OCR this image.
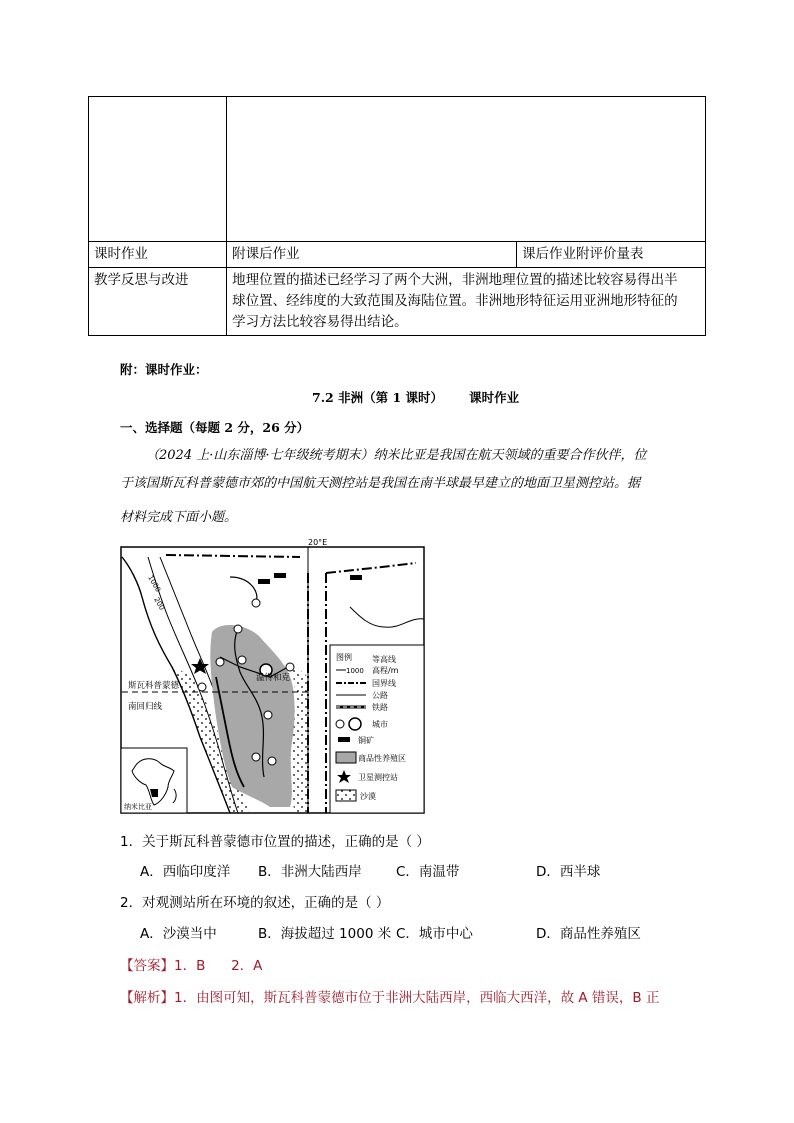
课时作业	附课后作业	课后作业附评价量表
教学反思与改进	地理位置的描述已经学习了两个大洲，非洲地理位置的描述比较容易得出半
球位置、经纬度的大致范围及海陆位置。非洲地形特征运用亚洲地形特征的
学习方法比较容易得出结论。	
附：课时作业：
7.2 非洲（第 1 课时）      课时作业
一、选择题（每题 2 分，26 分）
（2024 上·山东淄博·七年级统考期末）纳米比亚是我国在航天领域的重要合作伙伴，位
于该国斯瓦科普蒙德市郊的中国航天测控站是我国在南半球最早建立的地面卫星测控站。据
材料完成下面小题。
20°E
1000
200
斯瓦科普蒙德
温得和克
南回归线
纳米比亚
图例	等高线
1000 高程/m
国界线
公路
铁路
城市
铜矿
商品性养殖区
卫星测控站
沙漠
1．关于斯瓦科普蒙德市位置的描述，正确的是（ ）
A．西临印度洋 B．非洲大陆西岸	C．南温带	D．西半球
2．对观测站所在环境的叙述，正确的是（ ）
A．沙漠当中	B．海拔超过 1000 米 C．城市中心	D．商品性养殖区
【答案】1．B      2．A
【解析】1．由图可知，斯瓦科普蒙德市位于非洲大陆西岸，西临大西洋，故 A 错误，B 正
